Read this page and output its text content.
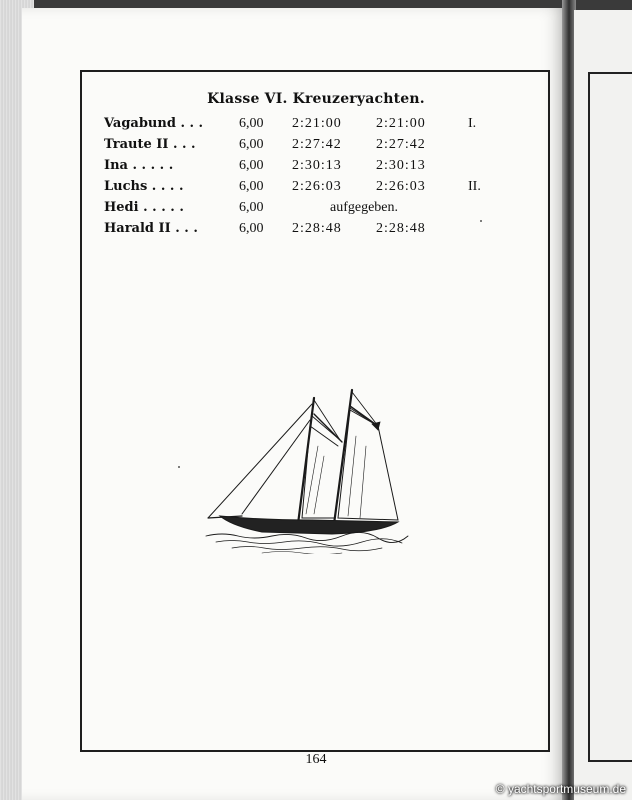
Klasse VI. Kreuzeryachten.
Vagabund . . .	6,00 2:21:00 2:21:00	I.
Traute II . . .	6,00 2:27:42 2:27:42
Ina . . . . .	6,00 2:30:13 2:30:13
Luchs . . . .	6,00 2:26:03 2:26:03	II.
Hedi . . . . .	6,00	aufgegeben.
Harald II . . .	6,00 2:28:48 2:28:48
164
© yachtsportmuseum.de
